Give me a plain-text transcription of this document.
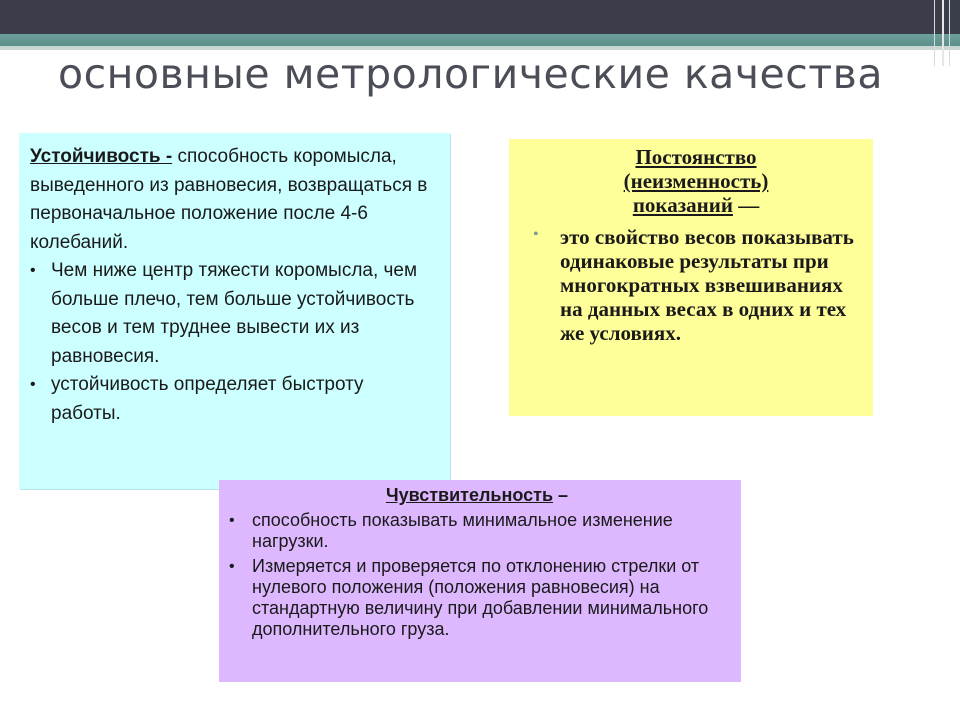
основные метрологические качества
Устойчивость - способность коромысла, выведенного из равновесия, возвращаться в первоначальное положение после 4-6 колебаний.
• Чем ниже центр тяжести коромысла, чем больше плечо, тем больше устойчивость весов и тем труднее вывести их из равновесия.
• устойчивость определяет быстроту работы.
Постоянство
(неизменность)
показаний —
• это свойство весов показывать одинаковые результаты при многократных взвешиваниях на данных весах в одних и тех же условиях.
Чувствительность –
• способность показывать минимальное изменение нагрузки.
• Измеряется и проверяется по отклонению стрелки от нулевого положения (положения равновесия) на стандартную величину при добавлении минимального дополнительного груза.
